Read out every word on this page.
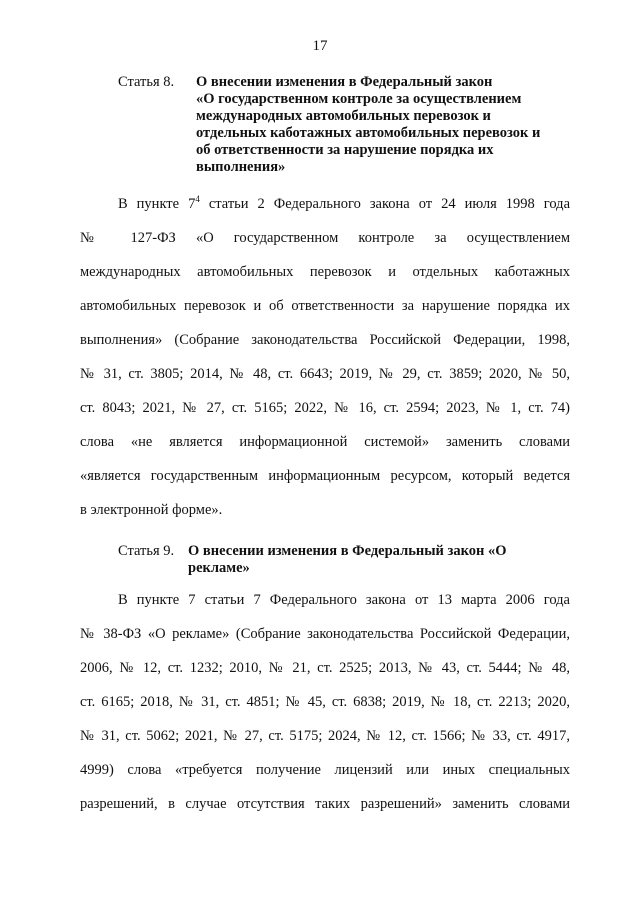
17
Статья 8. О внесении изменения в Федеральный закон
«О государственном контроле за осуществлением
международных автомобильных перевозок и
отдельных каботажных автомобильных перевозок и
об ответственности за нарушение порядка их
выполнения»
В пункте $7^4$ статьи 2 Федерального закона от 24 июля 1998 года
№ 127-ФЗ «О государственном контроле за осуществлением
международных автомобильных перевозок и отдельных каботажных
автомобильных перевозок и об ответственности за нарушение порядка их
выполнения» (Собрание законодательства Российской Федерации, 1998,
№ 31, ст. 3805; 2014, № 48, ст. 6643; 2019, № 29, ст. 3859; 2020, № 50,
ст. 8043; 2021, № 27, ст. 5165; 2022, № 16, ст. 2594; 2023, № 1, ст. 74)
слова «не является информационной системой» заменить словами
«является государственным информационным ресурсом, который ведется
в электронной форме».
Статья 9. О внесении изменения в Федеральный закон «О
рекламе»
В пункте 7 статьи 7 Федерального закона от 13 марта 2006 года
№ 38-ФЗ «О рекламе» (Собрание законодательства Российской Федерации,
2006, № 12, ст. 1232; 2010, № 21, ст. 2525; 2013, № 43, ст. 5444; № 48,
ст. 6165; 2018, № 31, ст. 4851; № 45, ст. 6838; 2019, № 18, ст. 2213; 2020,
№ 31, ст. 5062; 2021, № 27, ст. 5175; 2024, № 12, ст. 1566; № 33, ст. 4917,
4999) слова «требуется получение лицензий или иных специальных
разрешений, в случае отсутствия таких разрешений» заменить словами
